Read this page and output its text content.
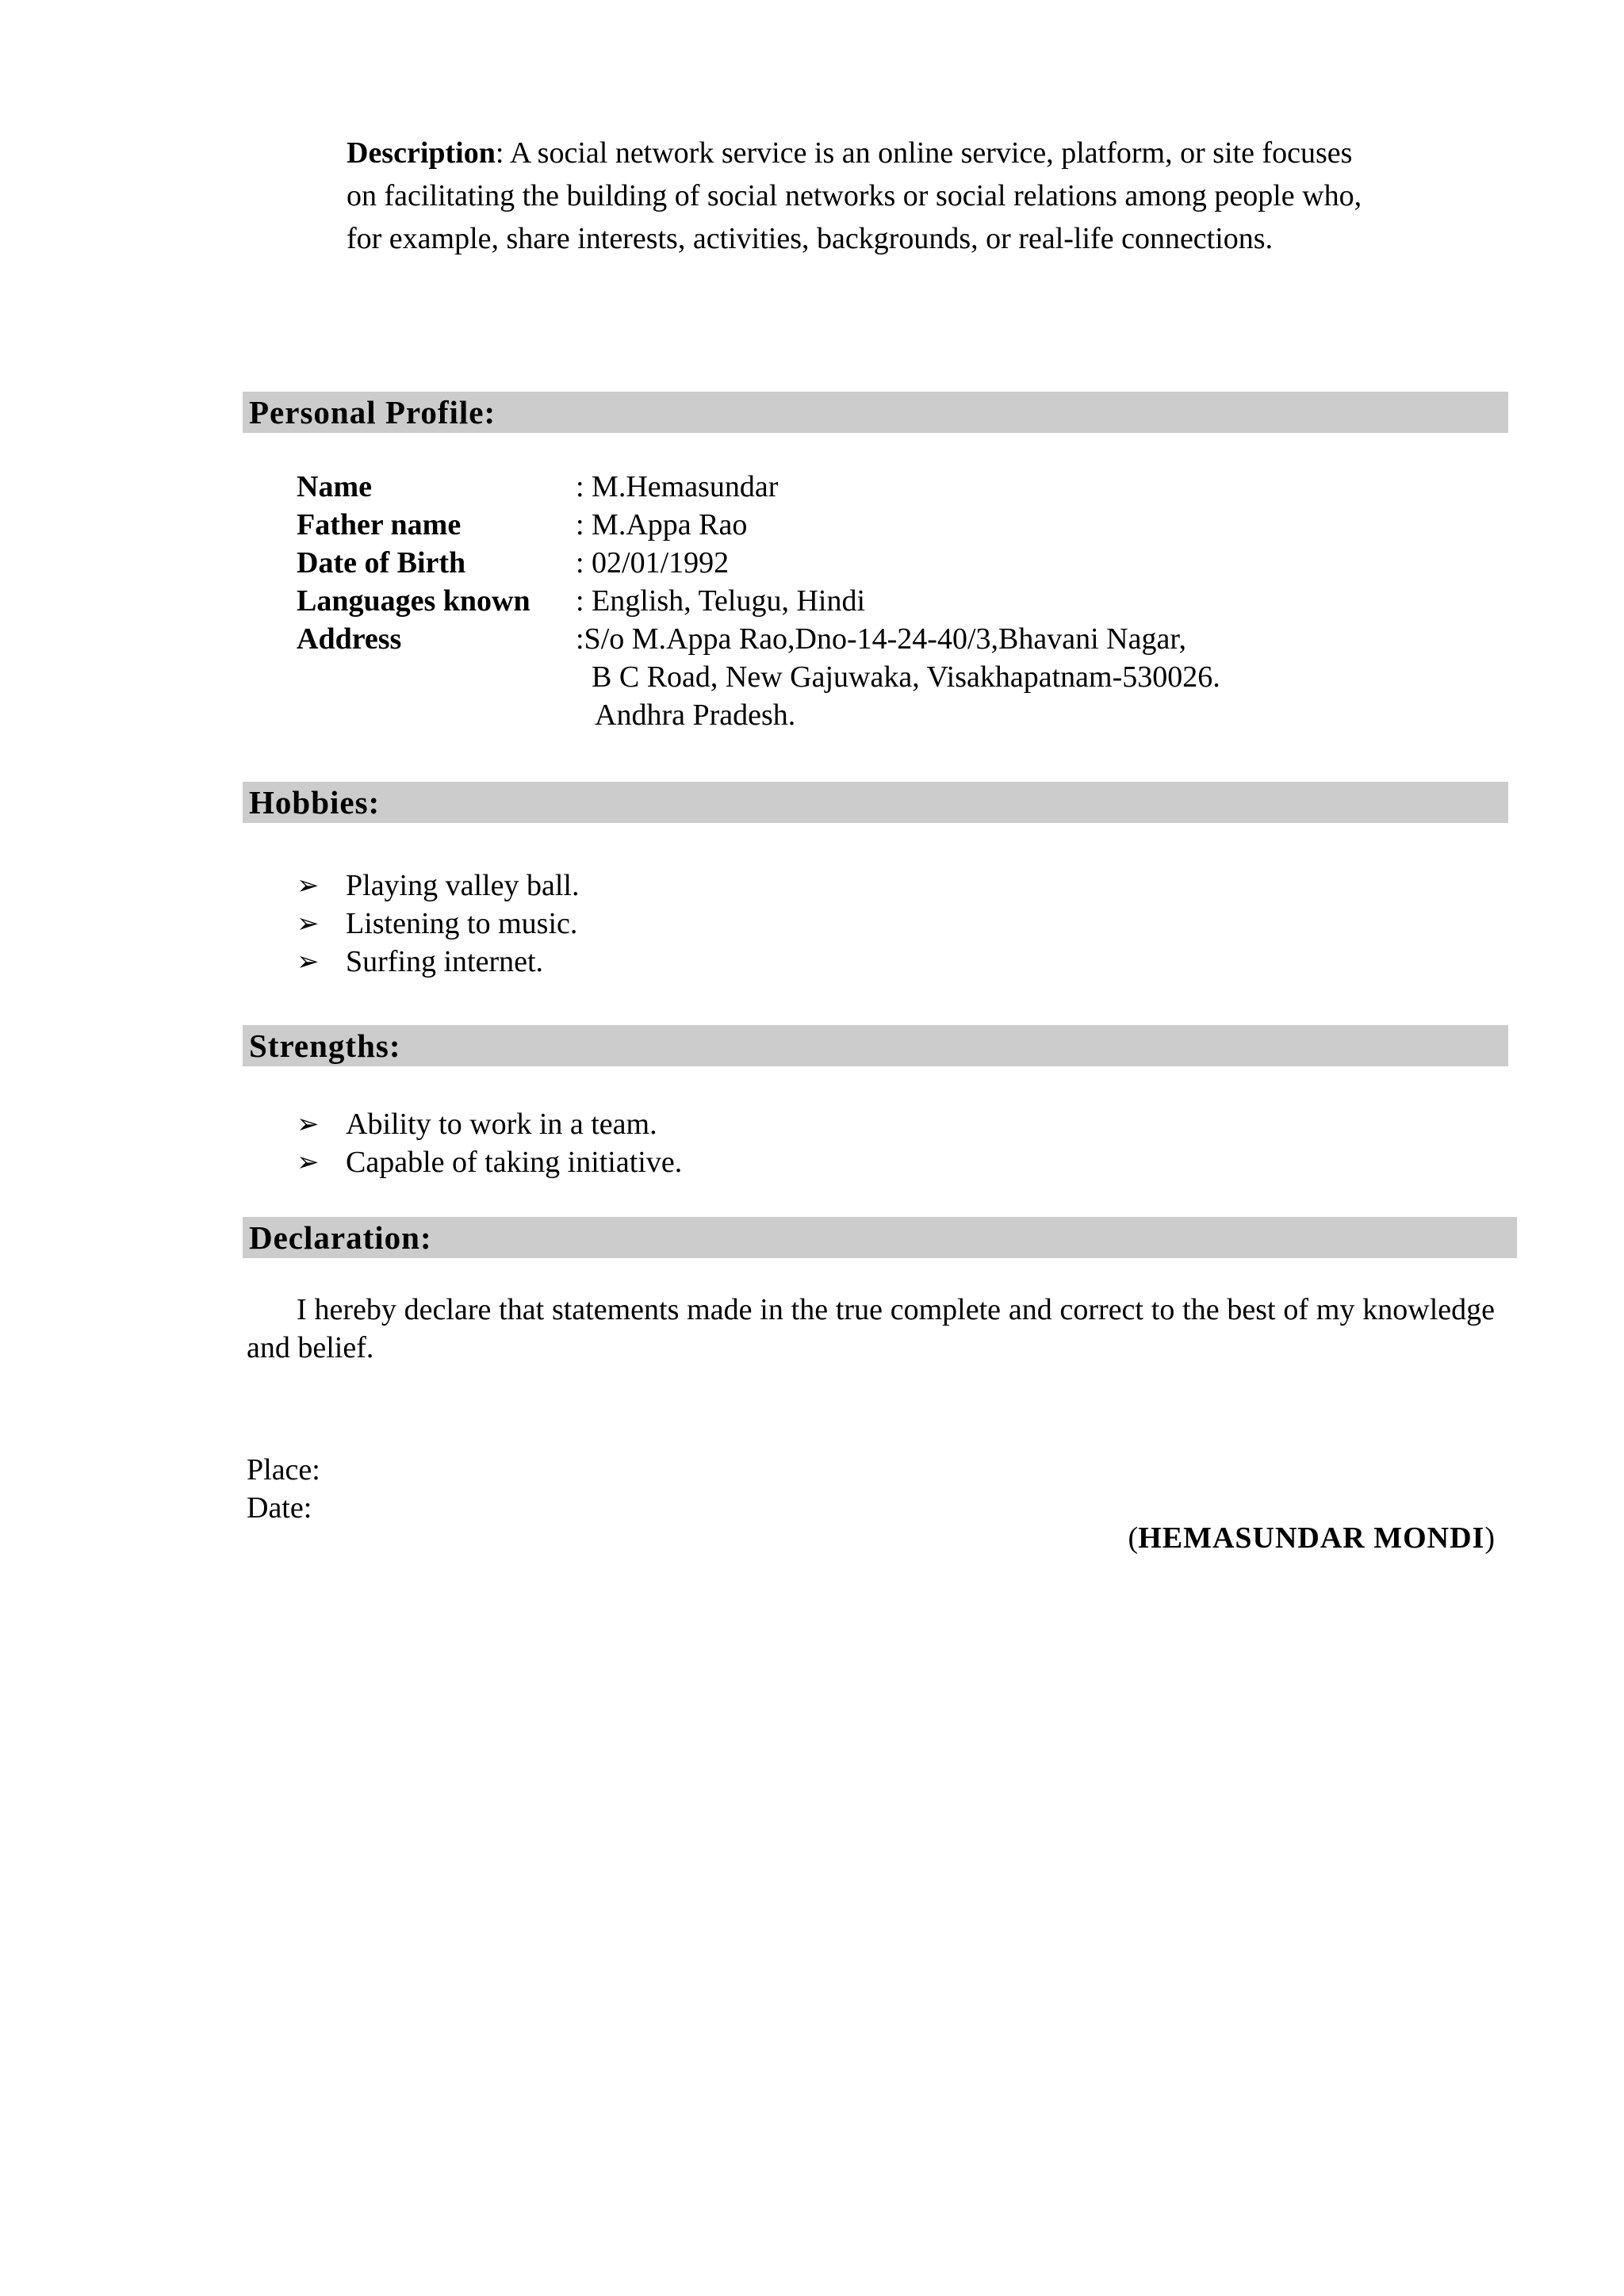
Description: A social network service is an online service, platform, or site focuses
on facilitating the building of social networks or social relations among people who,
for example, share interests, activities, backgrounds, or real-life connections.
Personal Profile:
Name	: M.Hemasundar
Father name	: M.Appa Rao
Date of Birth	: 02/01/1992
Languages known : English, Telugu, Hindi
Address	:S/o M.Appa Rao,Dno-14-24-40/3,Bhavani Nagar,
B C Road, New Gajuwaka, Visakhapatnam-530026.
Andhra Pradesh.
Hobbies:
➢ Playing valley ball.
➢ Listening to music.
➢ Surfing internet.
Strengths:
➢ Ability to work in a team.
➢ Capable of taking initiative.
Declaration:
I hereby declare that statements made in the true complete and correct to the best of my knowledge and belief.
Place:
Date:
(HEMASUNDAR MONDI)
